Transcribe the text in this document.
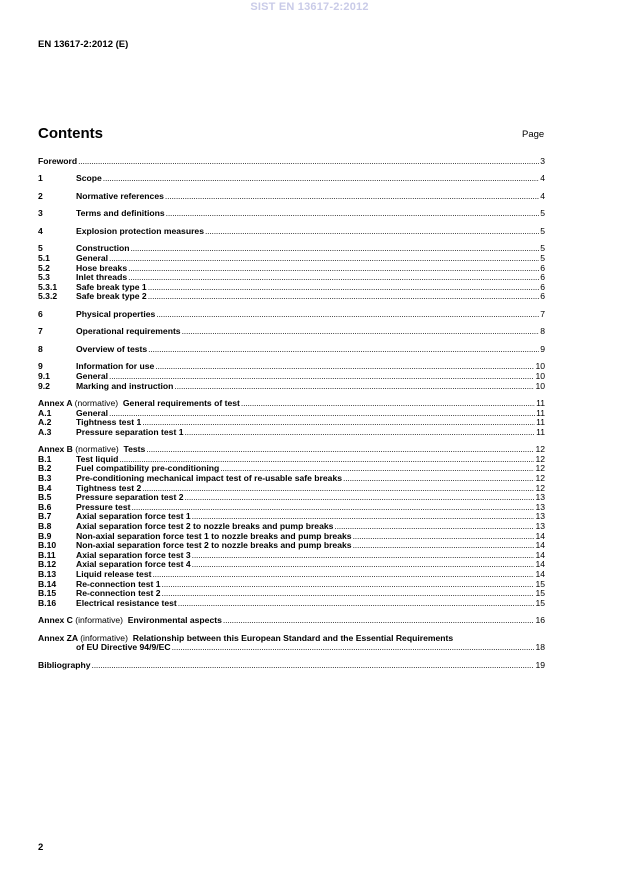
SIST EN 13617-2:2012
EN 13617-2:2012 (E)
Contents	Page
Foreword .....	3
1	Scope .....	4
2	Normative references .....	4
3	Terms and definitions .....	5
4	Explosion protection measures .....	5
5	Construction .....	5
5.1	General .....	5
5.2	Hose breaks .....	6
5.3	Inlet threads .....	6
5.3.1	Safe break type 1 .....	6
5.3.2	Safe break type 2 .....	6
6	Physical properties .....	7
7	Operational requirements .....	8
8	Overview of tests .....	9
9	Information for use .....	10
9.1	General .....	10
9.2	Marking and instruction .....	10
Annex A (normative) General requirements of test .....	11
A.1	General .....	11
A.2	Tightness test 1 .....	11
A.3	Pressure separation test 1 .....	11
Annex B (normative) Tests .....	12
B.1	Test liquid .....	12
B.2	Fuel compatibility pre-conditioning .....	12
B.3	Pre-conditioning mechanical impact test of re-usable safe breaks .....	12
B.4	Tightness test 2 .....	12
B.5	Pressure separation test 2 .....	13
B.6	Pressure test .....	13
B.7	Axial separation force test 1 .....	13
B.8	Axial separation force test 2 to nozzle breaks and pump breaks .....	13
B.9	Non-axial separation force test 1 to nozzle breaks and pump breaks .....	14
B.10	Non-axial separation force test 2 to nozzle breaks and pump breaks .....	14
B.11	Axial separation force test 3 .....	14
B.12	Axial separation force test 4 .....	14
B.13	Liquid release test .....	14
B.14	Re-connection test 1 .....	15
B.15	Re-connection test 2 .....	15
B.16	Electrical resistance test .....	15
Annex C (informative) Environmental aspects .....	16
Annex ZA (informative) Relationship between this European Standard and the Essential Requirements
of EU Directive 94/9/EC .....	18
Bibliography .....	19
2
